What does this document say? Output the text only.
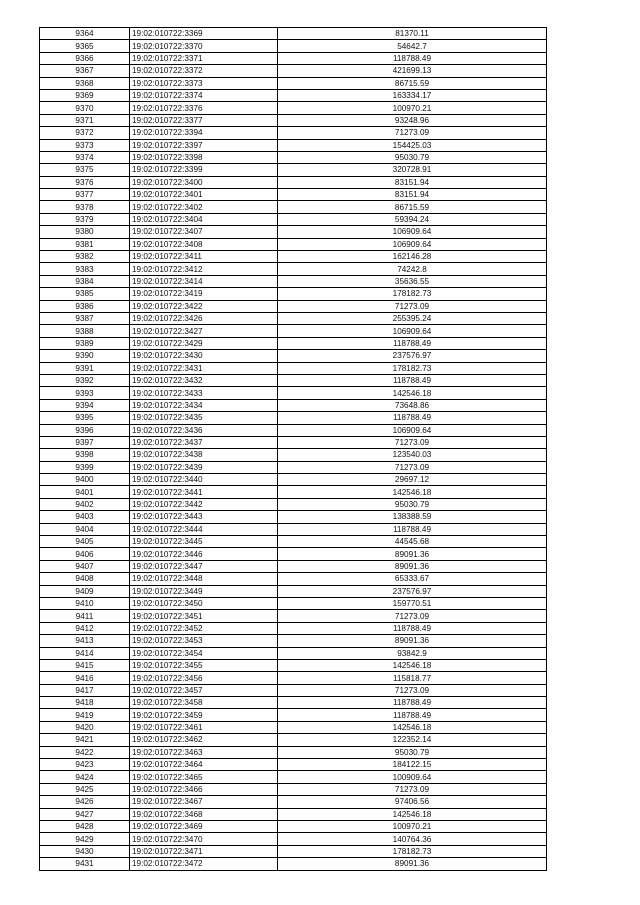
9364	19:02:010722:3369	81370.11
9365	19:02:010722:3370	54642.7
9366	19:02:010722:3371	118788.49
9367	19:02:010722:3372	421699.13
9368	19:02:010722:3373	86715.59
9369	19:02:010722:3374	163334.17
9370	19:02:010722:3376	100970.21
9371	19:02:010722:3377	93248.96
9372	19:02:010722:3394	71273.09
9373	19:02:010722:3397	154425.03
9374	19:02:010722:3398	95030.79
9375	19:02:010722:3399	320728.91
9376	19:02:010722:3400	83151.94
9377	19:02:010722:3401	83151.94
9378	19:02:010722:3402	86715.59
9379	19:02:010722:3404	59394.24
9380	19:02:010722:3407	106909.64
9381	19:02:010722:3408	106909.64
9382	19:02:010722:3411	162146.28
9383	19:02:010722:3412	74242.8
9384	19:02:010722:3414	35636.55
9385	19:02:010722:3419	178182.73
9386	19:02:010722:3422	71273.09
9387	19:02:010722:3426	255395.24
9388	19:02:010722:3427	106909.64
9389	19:02:010722:3429	118788.49
9390	19:02:010722:3430	237576.97
9391	19:02:010722:3431	178182.73
9392	19:02:010722:3432	118788.49
9393	19:02:010722:3433	142546.18
9394	19:02:010722:3434	73648.86
9395	19:02:010722:3435	118788.49
9396	19:02:010722:3436	106909.64
9397	19:02:010722:3437	71273.09
9398	19:02:010722:3438	123540.03
9399	19:02:010722:3439	71273.09
9400	19:02:010722:3440	29697.12
9401	19:02:010722:3441	142546.18
9402	19:02:010722:3442	95030.79
9403	19:02:010722:3443	138388.59
9404	19:02:010722:3444	118788.49
9405	19:02:010722:3445	44545.68
9406	19:02:010722:3446	89091.36
9407	19:02:010722:3447	89091.36
9408	19:02:010722:3448	65333.67
9409	19:02:010722:3449	237576.97
9410	19:02:010722:3450	159770.51
9411	19:02:010722:3451	71273.09
9412	19:02:010722:3452	118788.49
9413	19:02:010722:3453	89091.36
9414	19:02:010722:3454	93842.9
9415	19:02:010722:3455	142546.18
9416	19:02:010722:3456	115818.77
9417	19:02:010722:3457	71273.09
9418	19:02:010722:3458	118788.49
9419	19:02:010722:3459	118788.49
9420	19:02:010722:3461	142546.18
9421	19:02:010722:3462	122352.14
9422	19:02:010722:3463	95030.79
9423	19:02:010722:3464	184122.15
9424	19:02:010722:3465	100909.64
9425	19:02:010722:3466	71273.09
9426	19:02:010722:3467	97406.56
9427	19:02:010722:3468	142546.18
9428	19:02:010722:3469	100970.21
9429	19:02:010722:3470	140764.36
9430	19:02:010722:3471	178182.73
9431	19:02:010722:3472	89091.36
